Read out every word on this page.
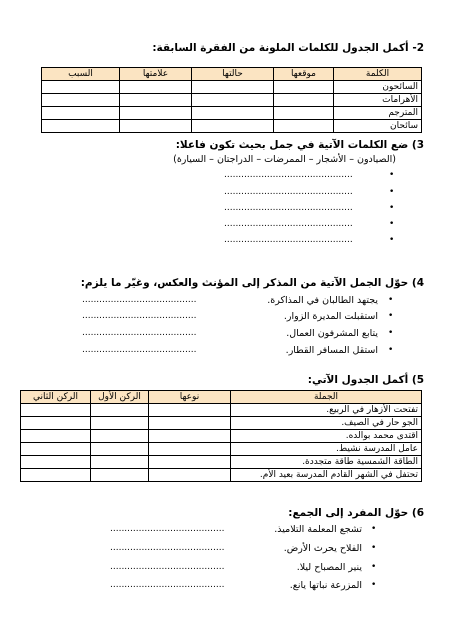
2- أكمل الجدول للكلمات الملونة من الفقرة السابقة:
الكلمة	موقعها	حالتها	علامتها	السبب
السائحون				
الأهرامات				
المترجم				
سائحان				
3) ضع الكلمات الآتية في جمل بحيث تكون فاعلا:
(الصيادون – الأشجار – الممرضات – الدراجتان – السيارة)
.............................................	•
.............................................	•
.............................................	•
.............................................	•
.............................................	•
4) حوّل الجمل الآتية من المذكر إلى المؤنث والعكس، وغيّر ما يلزم:
•
يجتهد الطالبان في المذاكرة.
........................................
•
استقبلت المديرة الزوار.
........................................
•
يتابع المشرفون العمال.
........................................
•
استقل المسافر القطار.
........................................
5) أكمل الجدول الآتي:
الجملة	نوعها	الركن الأول	الركن الثاني
تفتحت الأزهار في الربيع.			
الجو حار في الصيف.			
اقتدى محمد بوالده.			
عامل المدرسة نشيط.			
الطاقة الشمسية طاقة متجددة.			
تحتفل في الشهر القادم المدرسة بعيد الأم.			
6) حوّل المفرد إلى الجمع:
•
تشجع المعلمة التلاميذ.
........................................
•
الفلاح يحرث الأرض.
........................................
•
ينير المصباح ليلا.
........................................
•
المزرعة نباتها يانع.
........................................
